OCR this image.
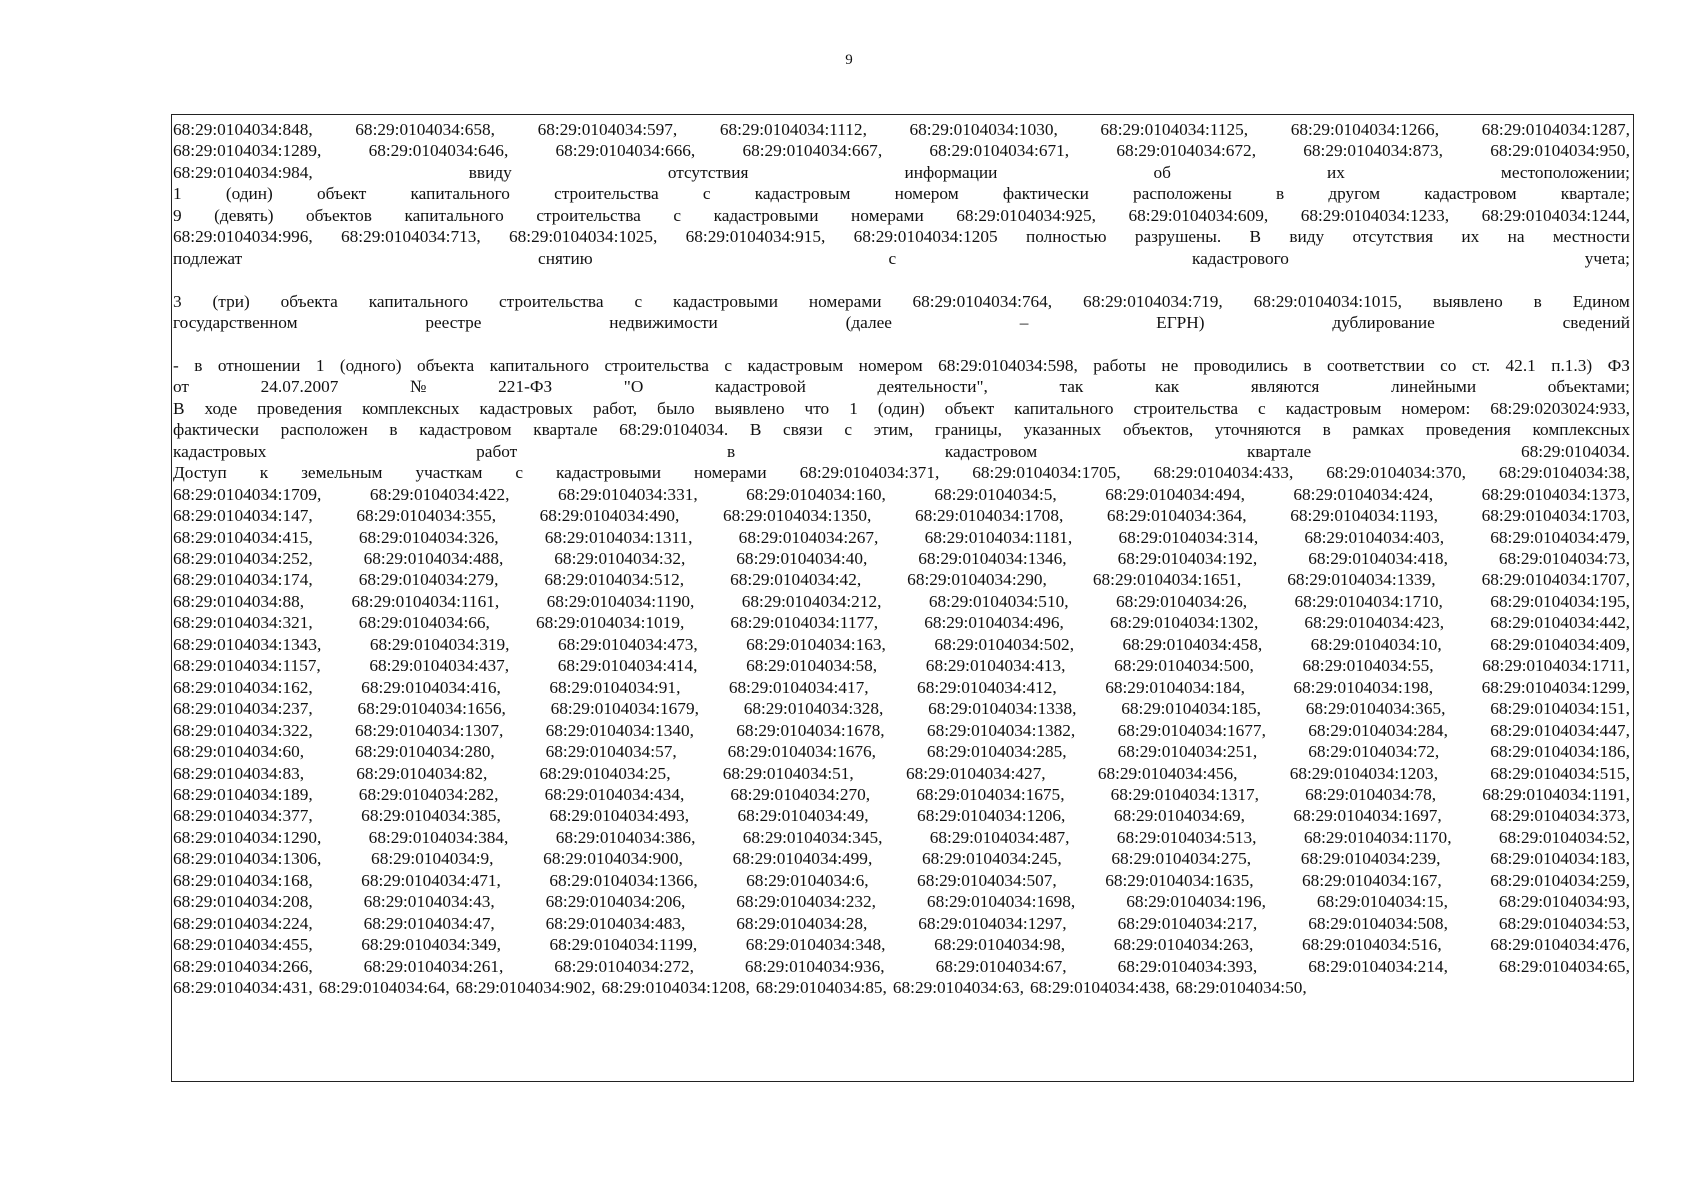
9
68:29:0104034:848, 68:29:0104034:658, 68:29:0104034:597, 68:29:0104034:1112, 68:29:0104034:1030, 68:29:0104034:1125, 68:29:0104034:1266, 68:29:0104034:1287,
68:29:0104034:1289,	68:29:0104034:646,	68:29:0104034:666,	68:29:0104034:667,	68:29:0104034:671,	68:29:0104034:672,	68:29:0104034:873,	68:29:0104034:950,
68:29:0104034:984,	ввиду	отсутствия	информации	об	их	местоположении;
1	(один)	объект	капитального	строительства	с	кадастровым	номером	фактически	расположены	в	другом	кадастровом	квартале;
9 (девять) объектов капитального строительства с кадастровыми номерами 68:29:0104034:925, 68:29:0104034:609, 68:29:0104034:1233, 68:29:0104034:1244,
68:29:0104034:996, 68:29:0104034:713, 68:29:0104034:1025, 68:29:0104034:915, 68:29:0104034:1205 полностью разрушены. В виду отсутствия их на местности
подлежат	снятию	с	кадастрового	учета;
3 (три) объекта капитального строительства с кадастровыми номерами 68:29:0104034:764, 68:29:0104034:719, 68:29:0104034:1015, выявлено в Едином
государственном	реестре	недвижимости	(далее	–	ЕГРН)	дублирование	сведений
- в отношении 1 (одного) объекта капитального строительства с кадастровым номером 68:29:0104034:598, работы не проводились в соответствии со ст. 42.1 п.1.3) ФЗ
от	24.07.2007	№	221-ФЗ	"О	кадастровой	деятельности",	так	как	являются	линейными	объектами;
В ходе проведения комплексных кадастровых работ, было выявлено что 1 (один) объект капитального строительства с кадастровым номером: 68:29:0203024:933,
фактически расположен в кадастровом квартале 68:29:0104034. В связи с этим, границы, указанных объектов, уточняются в рамках проведения комплексных
кадастровых	работ	в	кадастровом	квартале	68:29:0104034.
Доступ к земельным участкам с кадастровыми номерами 68:29:0104034:371, 68:29:0104034:1705, 68:29:0104034:433, 68:29:0104034:370, 68:29:0104034:38,
68:29:0104034:1709,	68:29:0104034:422,	68:29:0104034:331,	68:29:0104034:160,	68:29:0104034:5,	68:29:0104034:494,	68:29:0104034:424,	68:29:0104034:1373,
68:29:0104034:147,	68:29:0104034:355,	68:29:0104034:490,	68:29:0104034:1350,	68:29:0104034:1708,	68:29:0104034:364,	68:29:0104034:1193,	68:29:0104034:1703,
68:29:0104034:415,	68:29:0104034:326,	68:29:0104034:1311,	68:29:0104034:267,	68:29:0104034:1181,	68:29:0104034:314,	68:29:0104034:403,	68:29:0104034:479,
68:29:0104034:252,	68:29:0104034:488,	68:29:0104034:32,	68:29:0104034:40,	68:29:0104034:1346,	68:29:0104034:192,	68:29:0104034:418,	68:29:0104034:73,
68:29:0104034:174,	68:29:0104034:279,	68:29:0104034:512,	68:29:0104034:42,	68:29:0104034:290,	68:29:0104034:1651,	68:29:0104034:1339,	68:29:0104034:1707,
68:29:0104034:88,	68:29:0104034:1161,	68:29:0104034:1190,	68:29:0104034:212,	68:29:0104034:510,	68:29:0104034:26,	68:29:0104034:1710,	68:29:0104034:195,
68:29:0104034:321,	68:29:0104034:66,	68:29:0104034:1019,	68:29:0104034:1177,	68:29:0104034:496,	68:29:0104034:1302,	68:29:0104034:423,	68:29:0104034:442,
68:29:0104034:1343,	68:29:0104034:319,	68:29:0104034:473,	68:29:0104034:163,	68:29:0104034:502,	68:29:0104034:458,	68:29:0104034:10,	68:29:0104034:409,
68:29:0104034:1157,	68:29:0104034:437,	68:29:0104034:414,	68:29:0104034:58,	68:29:0104034:413,	68:29:0104034:500,	68:29:0104034:55,	68:29:0104034:1711,
68:29:0104034:162,	68:29:0104034:416,	68:29:0104034:91,	68:29:0104034:417,	68:29:0104034:412,	68:29:0104034:184,	68:29:0104034:198,	68:29:0104034:1299,
68:29:0104034:237,	68:29:0104034:1656,	68:29:0104034:1679,	68:29:0104034:328,	68:29:0104034:1338,	68:29:0104034:185,	68:29:0104034:365,	68:29:0104034:151,
68:29:0104034:322, 68:29:0104034:1307, 68:29:0104034:1340, 68:29:0104034:1678, 68:29:0104034:1382, 68:29:0104034:1677, 68:29:0104034:284, 68:29:0104034:447,
68:29:0104034:60,	68:29:0104034:280,	68:29:0104034:57,	68:29:0104034:1676,	68:29:0104034:285,	68:29:0104034:251,	68:29:0104034:72,	68:29:0104034:186,
68:29:0104034:83,	68:29:0104034:82,	68:29:0104034:25,	68:29:0104034:51,	68:29:0104034:427,	68:29:0104034:456,	68:29:0104034:1203,	68:29:0104034:515,
68:29:0104034:189,	68:29:0104034:282,	68:29:0104034:434,	68:29:0104034:270,	68:29:0104034:1675,	68:29:0104034:1317,	68:29:0104034:78,	68:29:0104034:1191,
68:29:0104034:377,	68:29:0104034:385,	68:29:0104034:493,	68:29:0104034:49,	68:29:0104034:1206,	68:29:0104034:69,	68:29:0104034:1697,	68:29:0104034:373,
68:29:0104034:1290,	68:29:0104034:384,	68:29:0104034:386,	68:29:0104034:345,	68:29:0104034:487,	68:29:0104034:513,	68:29:0104034:1170,	68:29:0104034:52,
68:29:0104034:1306,	68:29:0104034:9,	68:29:0104034:900,	68:29:0104034:499,	68:29:0104034:245,	68:29:0104034:275,	68:29:0104034:239,	68:29:0104034:183,
68:29:0104034:168,	68:29:0104034:471,	68:29:0104034:1366,	68:29:0104034:6,	68:29:0104034:507,	68:29:0104034:1635,	68:29:0104034:167,	68:29:0104034:259,
68:29:0104034:208,	68:29:0104034:43,	68:29:0104034:206,	68:29:0104034:232,	68:29:0104034:1698,	68:29:0104034:196,	68:29:0104034:15,	68:29:0104034:93,
68:29:0104034:224,	68:29:0104034:47,	68:29:0104034:483,	68:29:0104034:28,	68:29:0104034:1297,	68:29:0104034:217,	68:29:0104034:508,	68:29:0104034:53,
68:29:0104034:455,	68:29:0104034:349,	68:29:0104034:1199,	68:29:0104034:348,	68:29:0104034:98,	68:29:0104034:263,	68:29:0104034:516,	68:29:0104034:476,
68:29:0104034:266,	68:29:0104034:261,	68:29:0104034:272,	68:29:0104034:936,	68:29:0104034:67,	68:29:0104034:393,	68:29:0104034:214,	68:29:0104034:65,
68:29:0104034:431, 68:29:0104034:64, 68:29:0104034:902, 68:29:0104034:1208, 68:29:0104034:85, 68:29:0104034:63, 68:29:0104034:438, 68:29:0104034:50,
